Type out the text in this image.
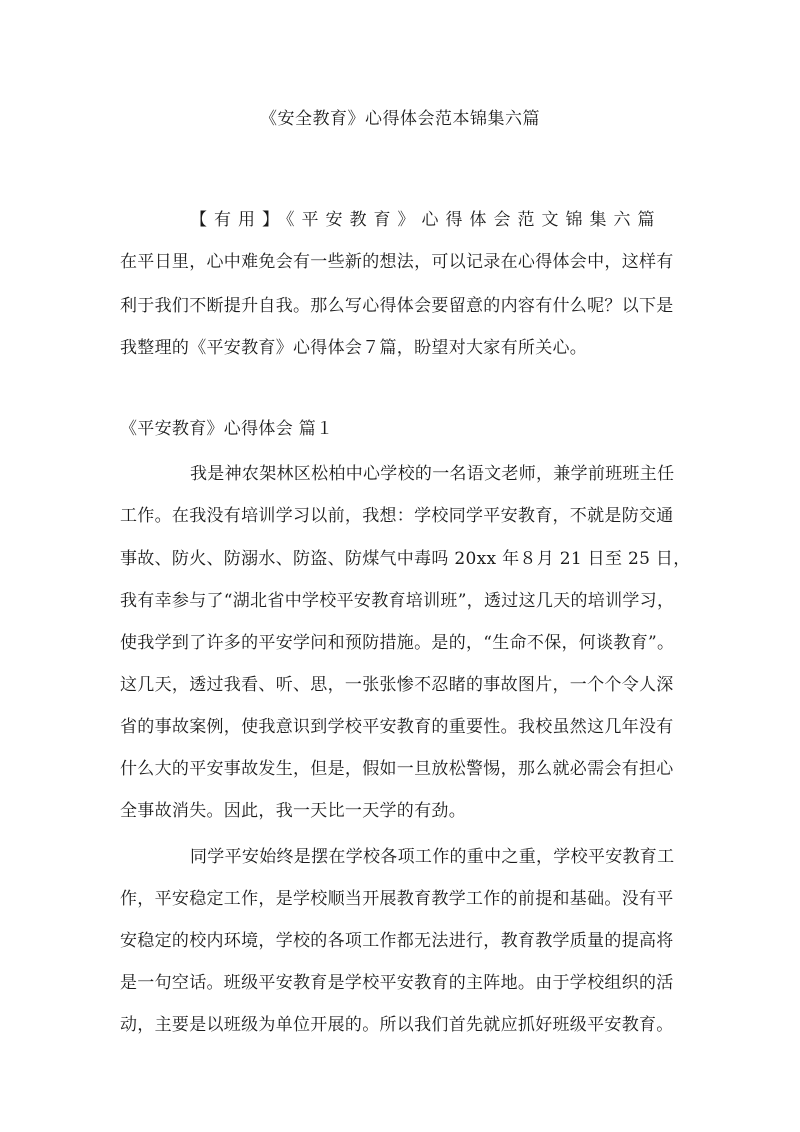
《安全教育》心得体会范本锦集六篇
【有用】《平安教育》心得体会范文锦集六篇
在平日里，心中难免会有一些新的想法，可以记录在心得体会中，这样有
利于我们不断提升自我。那么写心得体会要留意的内容有什么呢？以下是
我整理的《平安教育》心得体会７篇，盼望对大家有所关心。
《平安教育》心得体会 篇１
我是神农架林区松柏中心学校的一名语文老师，兼学前班班主任
工作。在我没有培训学习以前，我想：学校同学平安教育，不就是防交通
事故、防火、防溺水、防盗、防煤气中毒吗 20xx 年８月 21 日至 25 日，
我有幸参与了“湖北省中学校平安教育培训班”，透过这几天的培训学习，
使我学到了许多的平安学问和预防措施。是的，“生命不保，何谈教育”。
这几天，透过我看、听、思，一张张惨不忍睹的事故图片，一个个令人深
省的事故案例，使我意识到学校平安教育的重要性。我校虽然这几年没有
什么大的平安事故发生，但是，假如一旦放松警惕，那么就必需会有担心
全事故消失。因此，我一天比一天学的有劲。
同学平安始终是摆在学校各项工作的重中之重，学校平安教育工
作，平安稳定工作，是学校顺当开展教育教学工作的前提和基础。没有平
安稳定的校内环境，学校的各项工作都无法进行，教育教学质量的提高将
是一句空话。班级平安教育是学校平安教育的主阵地。由于学校组织的活
动，主要是以班级为单位开展的。所以我们首先就应抓好班级平安教育。
